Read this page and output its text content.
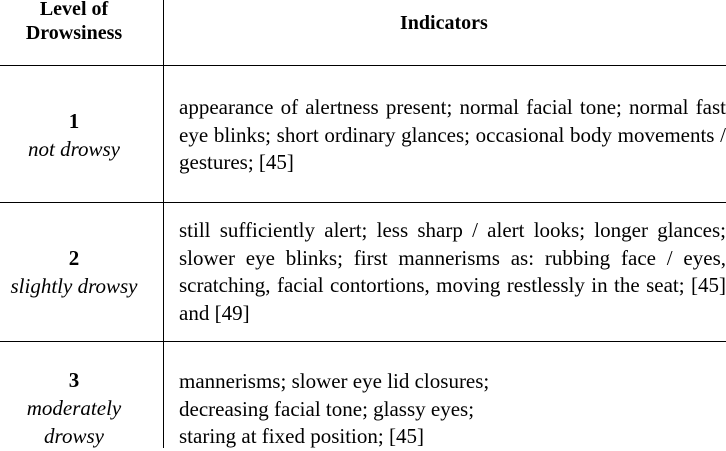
Level of
Drowsiness	Indicators
1
not drowsy
appearance of alertness present; normal facial tone; normal fast eye blinks; short ordinary glances; occasional body movements / gestures; [45]
2
slightly drowsy
still sufficiently alert; less sharp / alert looks; longer glances; slower eye blinks; first mannerisms as: rubbing face / eyes, scratching, facial contortions, moving restlessly in the seat; [45] and [49]
3
moderately
drowsy
mannerisms; slower eye lid closures;
decreasing facial tone; glassy eyes;
staring at fixed position; [45]
